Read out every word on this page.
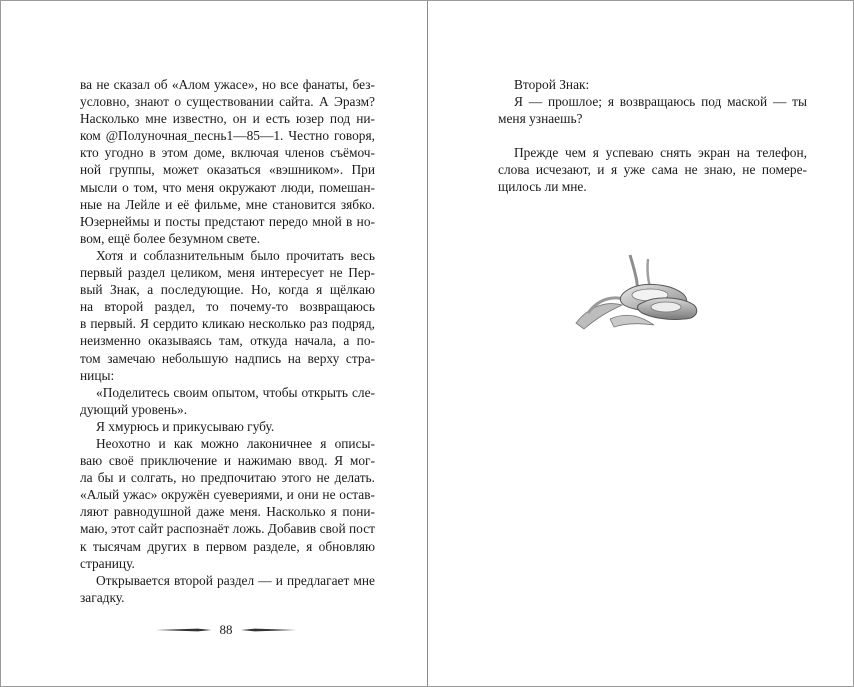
ва не сказал об «Алом ужасе», но все фанаты, без-
условно, знают о существовании сайта. А Эразм?
Насколько мне известно, он и есть юзер под ни-
ком @Полуночная_песнь1—85—1. Честно говоря,
кто угодно в этом доме, включая членов съёмоч-
ной группы, может оказаться «вэшником». При
мысли о том, что меня окружают люди, помешан-
ные на Лейле и её фильме, мне становится зябко.
Юзернеймы и посты предстают передо мной в но-
вом, ещё более безумном свете.
Хотя и соблазнительным было прочитать весь
первый раздел целиком, меня интересует не Пер-
вый Знак, а последующие. Но, когда я щёлкаю
на второй раздел, то почему-то возвращаюсь
в первый. Я сердито кликаю несколько раз подряд,
неизменно оказываясь там, откуда начала, а по-
том замечаю небольшую надпись на верху стра-
ницы:
«Поделитесь своим опытом, чтобы открыть сле-
дующий уровень».
Я хмурюсь и прикусываю губу.
Неохотно и как можно лаконичнее я описы-
ваю своё приключение и нажимаю ввод. Я мог-
ла бы и солгать, но предпочитаю этого не делать.
«Алый ужас» окружён суевериями, и они не остав-
ляют равнодушной даже меня. Насколько я пони-
маю, этот сайт распознаёт ложь. Добавив свой пост
к тысячам других в первом разделе, я обновляю
страницу.
Открывается второй раздел — и предлагает мне
загадку.
88
Второй Знак:
Я — прошлое; я возвращаюсь под маской — ты
меня узнаешь?
Прежде чем я успеваю снять экран на телефон,
слова исчезают, и я уже сама не знаю, не помере-
щилось ли мне.
